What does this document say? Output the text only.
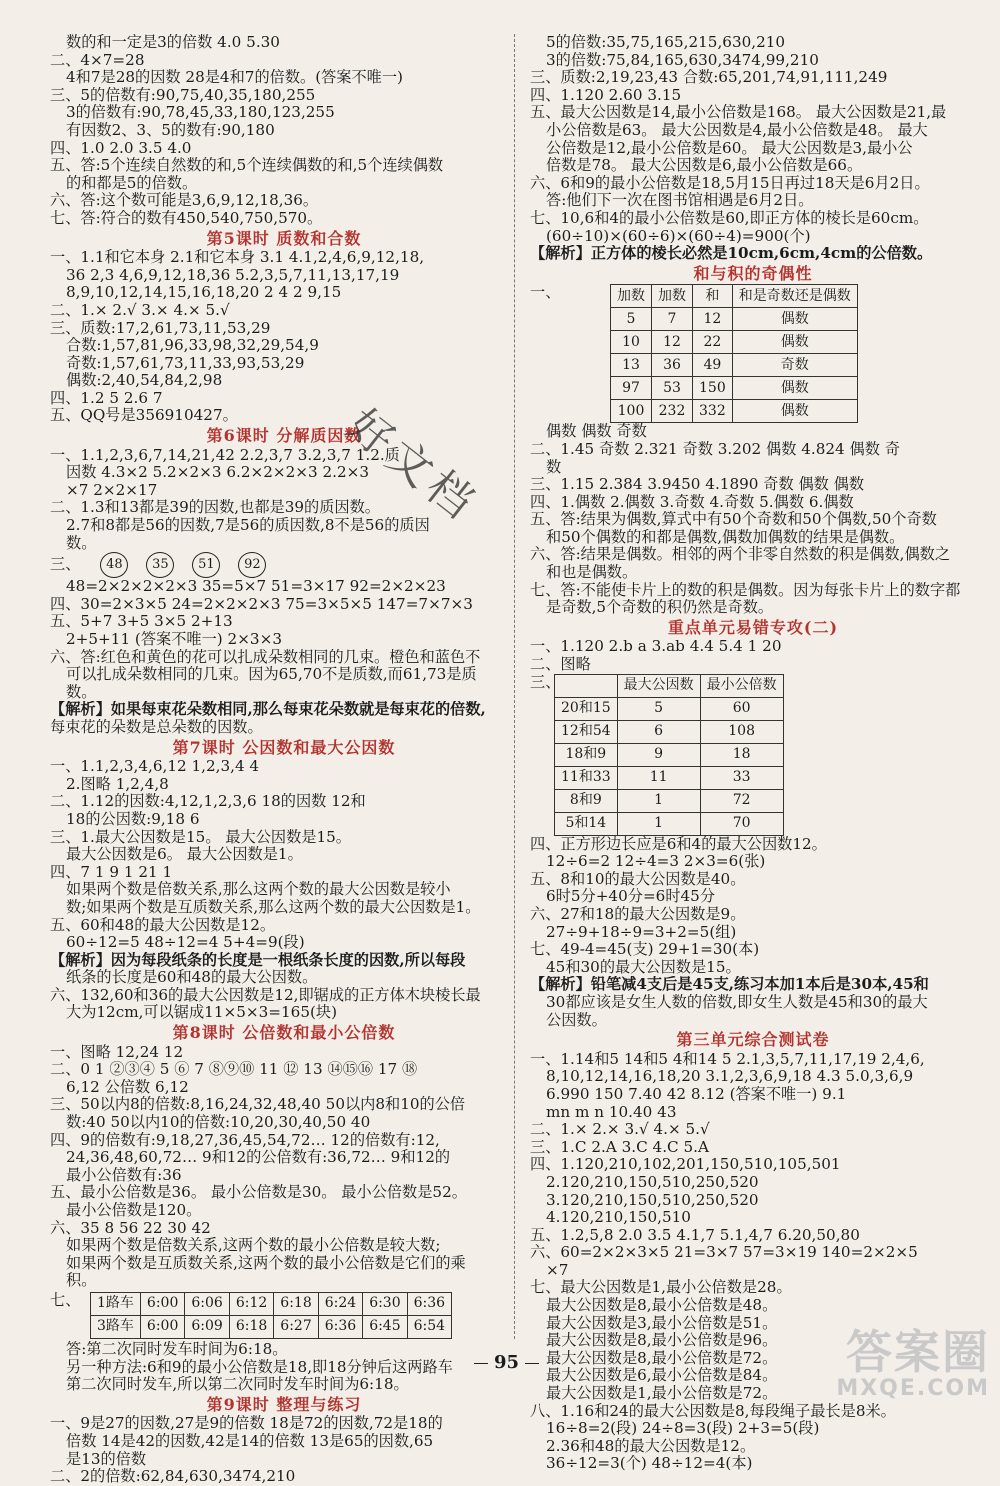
数的和一定是3的倍数 4.0 5.30
二、4×7=28
4和7是28的因数 28是4和7的倍数。(答案不唯一)
三、5的倍数有:90,75,40,35,180,255
3的倍数有:90,78,45,33,180,123,255
有因数2、3、5的数有:90,180
四、1.0 2.0 3.5 4.0
五、答:5个连续自然数的和,5个连续偶数的和,5个连续偶数
的和都是5的倍数。
六、答:这个数可能是3,6,9,12,18,36。
七、答:符合的数有450,540,750,570。
第5课时 质数和合数
一、1.1和它本身 2.1和它本身 3.1 4.1,2,4,6,9,12,18,
36 2,3 4,6,9,12,18,36 5.2,3,5,7,11,13,17,19
8,9,10,12,14,15,16,18,20 2 4 2 9,15
二、1.× 2.√ 3.× 4.× 5.√
三、质数:17,2,61,73,11,53,29
合数:1,57,81,96,33,98,32,29,54,9
奇数:1,57,61,73,11,33,93,53,29
偶数:2,40,54,84,2,98
四、1.2 5 2.6 7
五、QQ号是356910427。
第6课时 分解质因数
一、1.1,2,3,6,7,14,21,42 2.2,3,7 3.2,3,7 1.2.质
因数 4.3×2 5.2×2×3 6.2×2×2×3 2.2×3
×7 2×2×17
二、1.3和13都是39的因数,也都是39的质因数。
2.7和8都是56的因数,7是56的质因数,8不是56的质因
数。
三、	48	35	51	92
48=2×2×2×2×3 35=5×7 51=3×17 92=2×2×23
四、30=2×3×5 24=2×2×2×3 75=3×5×5 147=7×7×3
五、5+7 3+5 3×5 2+13
2+5+11 (答案不唯一) 2×3×3
六、答:红色和黄色的花可以扎成朵数相同的几束。橙色和蓝色不
可以扎成朵数相同的几束。因为65,70不是质数,而61,73是质
数。
【解析】如果每束花朵数相同,那么每束花朵数就是每束花的倍数,
每束花的朵数是总朵数的因数。
第7课时 公因数和最大公因数
一、1.1,2,3,4,6,12 1,2,3,4 4
2.图略 1,2,4,8
二、1.12的因数:4,12,1,2,3,6 18的因数 12和
18的公因数:9,18 6
三、1.最大公因数是15。 最大公因数是15。
最大公因数是6。 最大公因数是1。
四、7 1 9 1 21 1
如果两个数是倍数关系,那么这两个数的最大公因数是较小
数;如果两个数是互质数关系,那么这两个数的最大公因数是1。
五、60和48的最大公因数是12。
60÷12=5 48÷12=4 5+4=9(段)
【解析】因为每段纸条的长度是一根纸条长度的因数,所以每段
纸条的长度是60和48的最大公因数。
六、132,60和36的最大公因数是12,即锯成的正方体木块棱长最
大为12cm,可以锯成11×5×3=165(块)
第8课时 公倍数和最小公倍数
一、图略 12,24 12
二、0 1 ②③④ 5 ⑥ 7 ⑧⑨⑩ 11 ⑫ 13 ⑭⑮⑯ 17 ⑱
6,12 公倍数 6,12
三、50以内8的倍数:8,16,24,32,48,40 50以内8和10的公倍
数:40 50以内10的倍数:10,20,30,40,50 40
四、9的倍数有:9,18,27,36,45,54,72… 12的倍数有:12,
24,36,48,60,72… 9和12的公倍数有:36,72… 9和12的
最小公倍数有:36
五、最小公倍数是36。 最小公倍数是30。 最小公倍数是52。
最小公倍数是120。
六、35 8 56 22 30 42
如果两个数是倍数关系,这两个数的最小公倍数是较大数;
如果两个数是互质数关系,这两个数的最小公倍数是它们的乘
积。
七、	1路车	6:00	6:06	6:12	6:18	6:24	6:30	6:36
3路车	6:00	6:09	6:18	6:27	6:36	6:45	6:54
答:第二次同时发车时间为6:18。
另一种方法:6和9的最小公倍数是18,即18分钟后这两路车
第二次同时发车,所以第二次同时发车时间为6:18。
第9课时 整理与练习
一、9是27的因数,27是9的倍数 18是72的因数,72是18的
倍数 14是42的因数,42是14的倍数 13是65的因数,65
是13的倍数
二、2的倍数:62,84,630,3474,210
5的倍数:35,75,165,215,630,210
3的倍数:75,84,165,630,3474,99,210
三、质数:2,19,23,43 合数:65,201,74,91,111,249
四、1.120 2.60 3.15
五、最大公因数是14,最小公倍数是168。 最大公因数是21,最
小公倍数是63。 最大公因数是4,最小公倍数是48。 最大
公倍数是12,最小公倍数是60。 最大公因数是3,最小公
倍数是78。 最大公因数是6,最小公倍数是66。
六、6和9的最小公倍数是18,5月15日再过18天是6月2日。
答:他们下一次在图书馆相遇是6月2日。
七、10,6和4的最小公倍数是60,即正方体的棱长是60cm。
(60÷10)×(60÷6)×(60÷4)=900(个)
【解析】正方体的棱长必然是10cm,6cm,4cm的公倍数。
和与积的奇偶性
一、	加数	加数	和	和是奇数还是偶数
5	7	12	偶数
10	12	22	偶数
13	36	49	奇数
97	53	150	偶数
100	232	332	偶数
偶数 偶数 奇数
二、1.45 奇数 2.321 奇数 3.202 偶数 4.824 偶数 奇
数
三、1.15 2.384 3.9450 4.1890 奇数 偶数 偶数
四、1.偶数 2.偶数 3.奇数 4.奇数 5.偶数 6.偶数
五、答:结果为偶数,算式中有50个奇数和50个偶数,50个奇数
和50个偶数的和都是偶数,偶数加偶数的结果是偶数。
六、答:结果是偶数。相邻的两个非零自然数的积是偶数,偶数之
和也是偶数。
七、答:不能使卡片上的数的积是偶数。因为每张卡片上的数字都
是奇数,5个奇数的积仍然是奇数。
重点单元易错专攻(二)
一、1.120 2.b a 3.ab 4.4 5.4 1 20
二、图略
三、
		最大公因数	最小公倍数
20和15	5	60
12和54	6	108
18和9	9	18
11和33	11	33
8和9	1	72
5和14	1	70
四、正方形边长应是6和4的最大公因数12。
12÷6=2 12÷4=3 2×3=6(张)
五、8和10的最大公因数是40。
6时5分+40分=6时45分
六、27和18的最大公因数是9。
27÷9+18÷9=3+2=5(组)
七、49-4=45(支) 29+1=30(本)
45和30的最大公因数是15。
【解析】铅笔减4支后是45支,练习本加1本后是30本,45和
30都应该是女生人数的倍数,即女生人数是45和30的最大
公因数。
第三单元综合测试卷
一、1.14和5 14和5 4和14 5 2.1,3,5,7,11,17,19 2,4,6,
8,10,12,14,16,18,20 3.1,2,3,6,9,18 4.3 5.0,3,6,9
6.990 150 7.40 42 8.12 (答案不唯一) 9.1
mn m n 10.40 43
二、1.× 2.× 3.√ 4.× 5.√
三、1.C 2.A 3.C 4.C 5.A
四、1.120,210,102,201,150,510,105,501
2.120,210,150,510,250,520
3.120,210,150,510,250,520
4.120,210,150,510
五、1.2,5,8 2.0 3.5 4.1,7 5.1,4,7 6.20,50,80
六、60=2×2×3×5 21=3×7 57=3×19 140=2×2×5
×7
七、最大公因数是1,最小公倍数是28。
最大公因数是8,最小公倍数是48。
最大公因数是3,最小公倍数是51。
最大公因数是8,最小公倍数是96。
最大公因数是8,最小公倍数是72。
最大公因数是6,最小公倍数是84。
最大公因数是1,最小公倍数是72。
八、1.16和24的最大公因数是8,每段绳子最长是8米。
16÷8=2(段) 24÷8=3(段) 2+3=5(段)
2.36和48的最大公因数是12。
36÷12=3(个) 48÷12=4(本)
好文档
95	答案圈
MXQE.COM
